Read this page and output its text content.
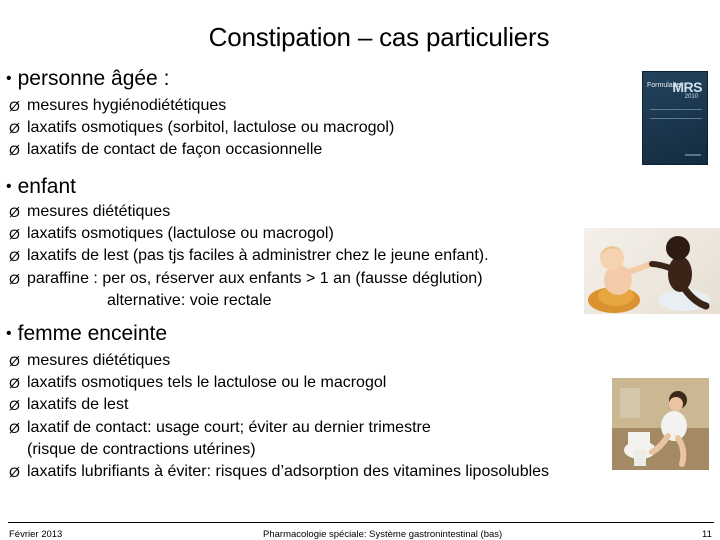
Constipation – cas particuliers
• personne âgée :
Ø mesures hygiénodiététiques
Ø laxatifs osmotiques (sorbitol, lactulose ou macrogol)
Ø laxatifs de contact de façon occasionnelle
• enfant
Ø mesures diététiques
Ø laxatifs osmotiques (lactulose ou macrogol)
Ø laxatifs de lest (pas tjs faciles à administrer chez le jeune enfant).
Ø paraffine : per os, réserver aux enfants > 1 an (fausse déglution)
alternative: voie rectale
• femme enceinte
Ø mesures diététiques
Ø laxatifs osmotiques tels le lactulose ou le macrogol
Ø laxatifs de lest
Ø laxatif de contact: usage court; éviter au dernier trimestre
(risque de contractions utérines)
Ø laxatifs lubrifiants à éviter: risques d’adsorption des vitamines liposolubles
Formulaire
MRS
2010
Février 2013	Pharmacologie spéciale: Système gastronintestinal (bas)	11
